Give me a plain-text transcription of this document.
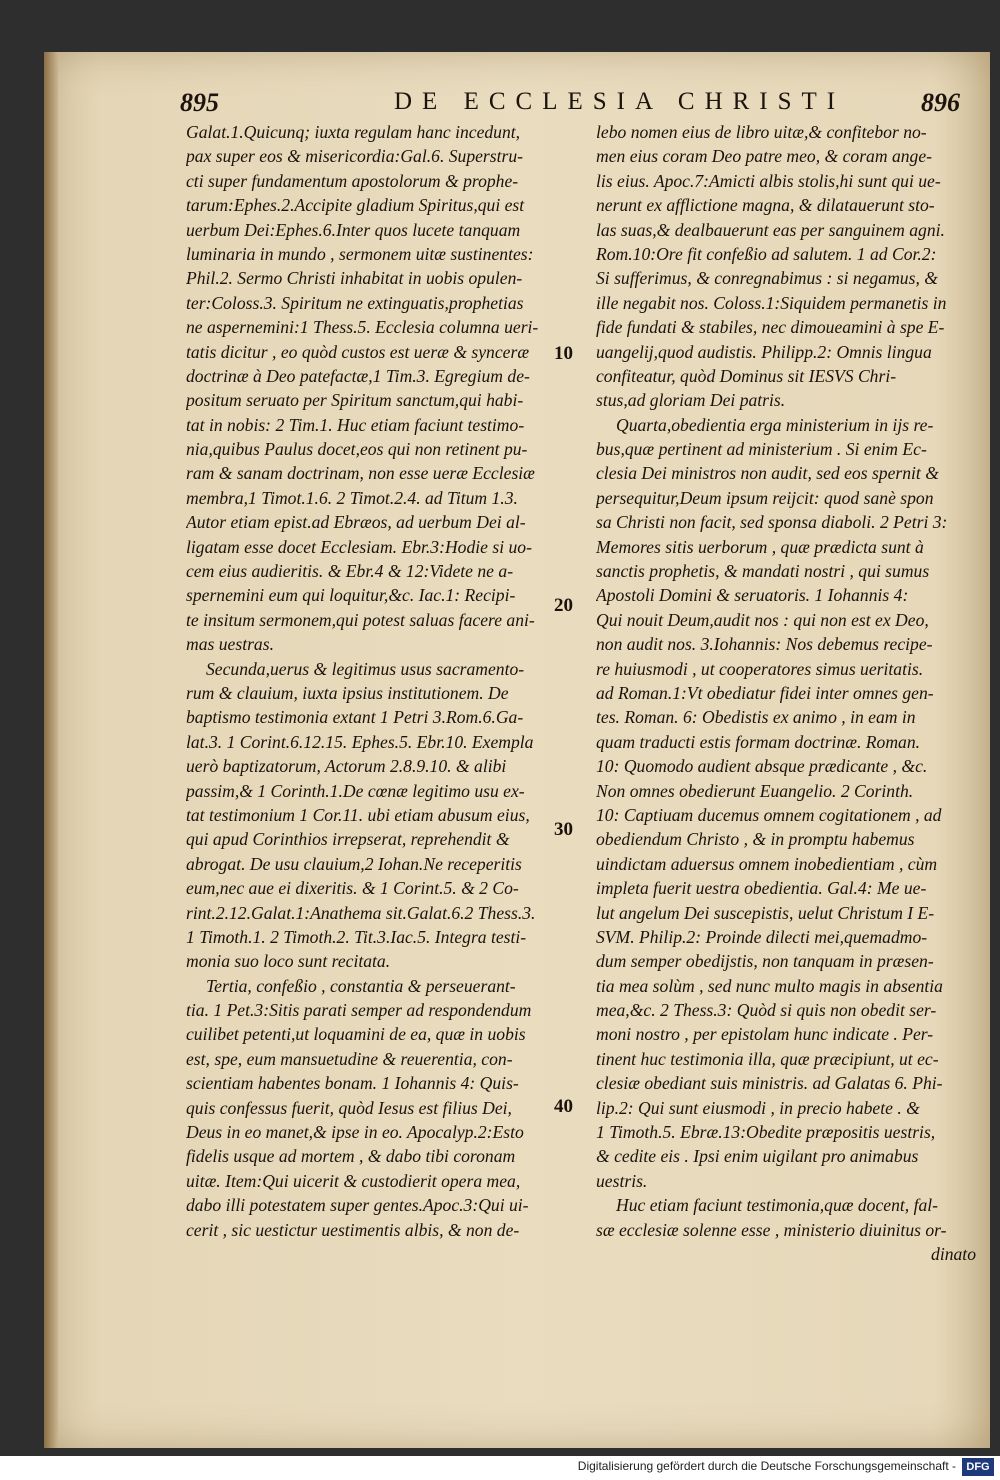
895	DE ECCLESIA CHRISTI	896
Galat.1.Quicunq; iuxta regulam hanc incedunt,
pax super eos & misericordia:Gal.6. Superstru-
cti super fundamentum apostolorum & prophe-
tarum:Ephes.2.Accipite gladium Spiritus,qui est
uerbum Dei:Ephes.6.Inter quos lucete tanquam
luminaria in mundo , sermonem uitæ sustinentes:
Phil.2. Sermo Christi inhabitat in uobis opulen-
ter:Coloss.3. Spiritum ne extinguatis,prophetias
ne aspernemini:1 Thess.5. Ecclesia columna ueri-
tatis dicitur , eo quòd custos est ueræ & synceræ
doctrinæ à Deo patefactæ,1 Tim.3. Egregium de-
positum seruato per Spiritum sanctum,qui habi-
tat in nobis: 2 Tim.1. Huc etiam faciunt testimo-
nia,quibus Paulus docet,eos qui non retinent pu-
ram & sanam doctrinam, non esse ueræ Ecclesiæ
membra,1 Timot.1.6. 2 Timot.2.4. ad Titum 1.3.
Autor etiam epist.ad Ebræos, ad uerbum Dei al-
ligatam esse docet Ecclesiam. Ebr.3:Hodie si uo-
cem eius audieritis. & Ebr.4 & 12:Videte ne a-
spernemini eum qui loquitur,&c. Iac.1: Recipi-
te insitum sermonem,qui potest saluas facere ani-
mas uestras.
Secunda,uerus & legitimus usus sacramento-
rum & clauium, iuxta ipsius institutionem. De
baptismo testimonia extant 1 Petri 3.Rom.6.Ga-
lat.3. 1 Corint.6.12.15. Ephes.5. Ebr.10. Exempla
uerò baptizatorum, Actorum 2.8.9.10. & alibi
passim,& 1 Corinth.1.De cœnæ legitimo usu ex-
tat testimonium 1 Cor.11. ubi etiam abusum eius,
qui apud Corinthios irrepserat, reprehendit &
abrogat. De usu clauium,2 Iohan.Ne receperitis
eum,nec aue ei dixeritis. & 1 Corint.5. & 2 Co-
rint.2.12.Galat.1:Anathema sit.Galat.6.2 Thess.3.
1 Timoth.1. 2 Timoth.2. Tit.3.Iac.5. Integra testi-
monia suo loco sunt recitata.
Tertia, confeßio , constantia & perseuerant-
tia. 1 Pet.3:Sitis parati semper ad respondendum
cuilibet petenti,ut loquamini de ea, quæ in uobis
est, spe, eum mansuetudine & reuerentia, con-
scientiam habentes bonam. 1 Iohannis 4: Quis-
quis confessus fuerit, quòd Iesus est filius Dei,
Deus in eo manet,& ipse in eo. Apocalyp.2:Esto
fidelis usque ad mortem , & dabo tibi coronam
uitæ. Item:Qui uicerit & custodierit opera mea,
dabo illi potestatem super gentes.Apoc.3:Qui ui-
cerit , sic uestictur uestimentis albis, & non de-
lebo nomen eius de libro uitæ,& confitebor no-
men eius coram Deo patre meo, & coram ange-
lis eius. Apoc.7:Amicti albis stolis,hi sunt qui ue-
nerunt ex afflictione magna, & dilatauerunt sto-
las suas,& dealbauerunt eas per sanguinem agni.
Rom.10:Ore fit confeßio ad salutem. 1 ad Cor.2:
Si sufferimus, & conregnabimus : si negamus, &
ille negabit nos. Coloss.1:Siquidem permanetis in
fide fundati & stabiles, nec dimoueamini à spe E-
uangelij,quod audistis. Philipp.2: Omnis lingua
confiteatur, quòd Dominus sit IESVS Chri-
stus,ad gloriam Dei patris.
Quarta,obedientia erga ministerium in ijs re-
bus,quæ pertinent ad ministerium . Si enim Ec-
clesia Dei ministros non audit, sed eos spernit &
persequitur,Deum ipsum reijcit: quod sanè spon
sa Christi non facit, sed sponsa diaboli. 2 Petri 3:
Memores sitis uerborum , quæ prædicta sunt à
sanctis prophetis, & mandati nostri , qui sumus
Apostoli Domini & seruatoris. 1 Iohannis 4:
Qui nouit Deum,audit nos : qui non est ex Deo,
non audit nos. 3.Iohannis: Nos debemus recipe-
re huiusmodi , ut cooperatores simus ueritatis.
ad Roman.1:Vt obediatur fidei inter omnes gen-
tes. Roman. 6: Obedistis ex animo , in eam in
quam traducti estis formam doctrinæ. Roman.
10: Quomodo audient absque prædicante , &c.
Non omnes obedierunt Euangelio. 2 Corinth.
10: Captiuam ducemus omnem cogitationem , ad
obediendum Christo , & in promptu habemus
uindictam aduersus omnem inobedientiam , cùm
impleta fuerit uestra obedientia. Gal.4: Me ue-
lut angelum Dei suscepistis, uelut Christum I E-
SVM. Philip.2: Proinde dilecti mei,quemadmo-
dum semper obedijstis, non tanquam in præsen-
tia mea solùm , sed nunc multo magis in absentia
mea,&c. 2 Thess.3: Quòd si quis non obedit ser-
moni nostro , per epistolam hunc indicate . Per-
tinent huc testimonia illa, quæ præcipiunt, ut ec-
clesiæ obediant suis ministris. ad Galatas 6. Phi-
lip.2: Qui sunt eiusmodi , in precio habete . &
1 Timoth.5. Ebræ.13:Obedite præpositis uestris,
& cedite eis . Ipsi enim uigilant pro animabus
uestris.
Huc etiam faciunt testimonia,quæ docent, fal-
sæ ecclesiæ solenne esse , ministerio diuinitus or-
dinato
10
20
30
40
Digitalisierung gefördert durch die Deutsche Forschungsgemeinschaft - DFG
